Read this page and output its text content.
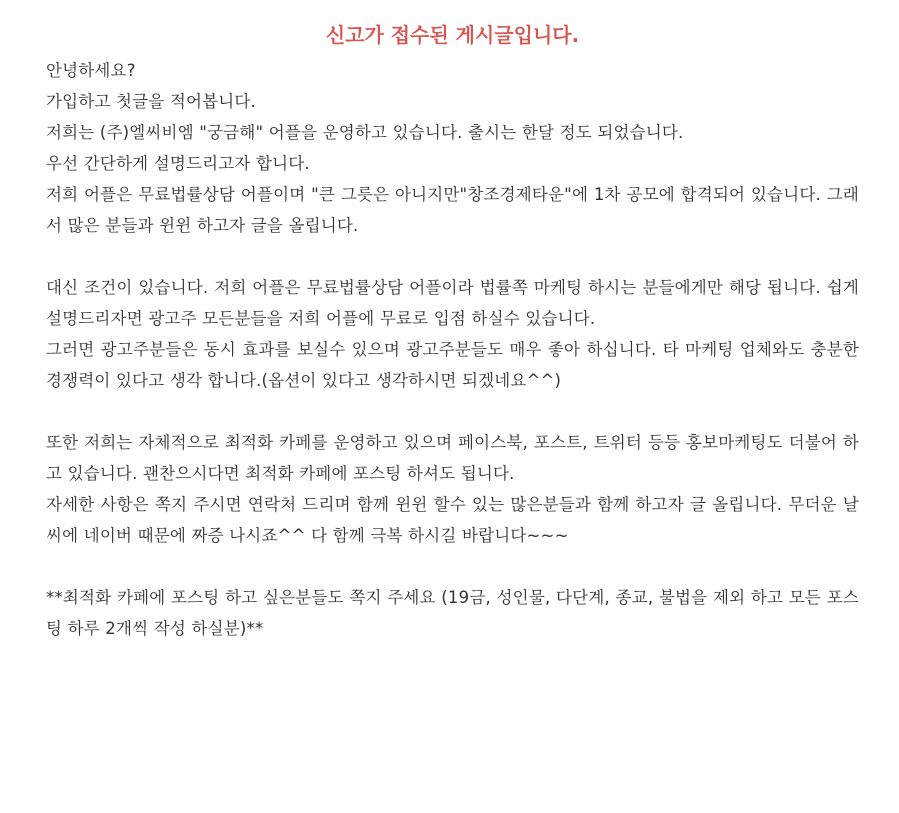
신고가 접수된 게시글입니다.

안녕하세요?

가입하고 첫글을 적어봅니다.

저희는 (주)엘씨비엠 "궁금해" 어플을 운영하고 있습니다. 출시는 한달 정도 되었습니다.

우선 간단하게 설명드리고자 합니다.

저희 어플은 무료법률상담 어플이며 "큰 그릇은 아니지만"창조경제타운"에 1차 공모에 합격되어 있습니다. 그래서 많은 분들과 윈윈 하고자 글을 올립니다.

대신 조건이 있습니다. 저희 어플은 무료법률상담 어플이라 법률쪽 마케팅 하시는 분들에게만 해당 됩니다. 쉽게 설명드리자면 광고주 모든분들을 저희 어플에 무료로 입점 하실수 있습니다.

그러면 광고주분들은 동시 효과를 보실수 있으며 광고주분들도 매우 좋아 하십니다. 타 마케팅 업체와도 충분한 경쟁력이 있다고 생각 합니다.(옵션이 있다고 생각하시면 되겠네요^^)

또한 저희는 자체적으로 최적화 카페를 운영하고 있으며 페이스북, 포스트, 트위터 등등 홍보마케팅도 더불어 하고 있습니다. 괜찬으시다면 최적화 카페에 포스팅 하셔도 됩니다.

자세한 사항은 쪽지 주시면 연락처 드리며 함께 윈윈 할수 있는 많은분들과 함께 하고자 글 올립니다. 무더운 날씨에 네이버 때문에 짜증 나시죠^^ 다 함께 극복 하시길 바랍니다~~~

**최적화 카페에 포스팅 하고 싶은분들도 쪽지 주세요 (19금, 성인물, 다단계, 종교, 불법을 제외 하고 모든 포스팅 하루 2개씩 작성 하실분)**
